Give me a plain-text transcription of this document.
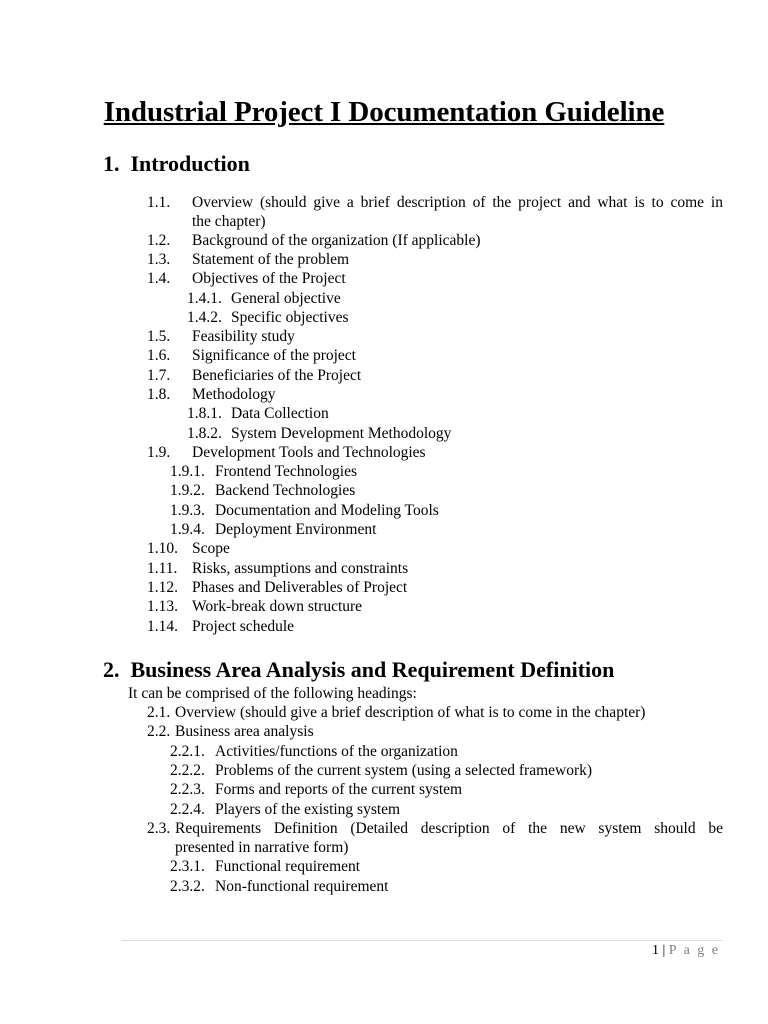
Industrial Project I Documentation Guideline
1. Introduction
1.1.	Overview (should give a brief description of the project and what is to come in
the chapter)
1.2. Background of the organization (If applicable)
1.3. Statement of the problem
1.4. Objectives of the Project
1.4.1. General objective
1.4.2. Specific objectives
1.5. Feasibility study
1.6. Significance of the project
1.7. Beneficiaries of the Project
1.8. Methodology
1.8.1. Data Collection
1.8.2. System Development Methodology
1.9. Development Tools and Technologies
1.9.1. Frontend Technologies
1.9.2. Backend Technologies
1.9.3. Documentation and Modeling Tools
1.9.4. Deployment Environment
1.10. Scope
1.11. Risks, assumptions and constraints
1.12. Phases and Deliverables of Project
1.13. Work-break down structure
1.14. Project schedule
2. Business Area Analysis and Requirement Definition
It can be comprised of the following headings:
2.1. Overview (should give a brief description of what is to come in the chapter)
2.2. Business area analysis
2.2.1. Activities/functions of the organization
2.2.2. Problems of the current system (using a selected framework)
2.2.3. Forms and reports of the current system
2.2.4. Players of the existing system
2.3. Requirements Definition (Detailed description of the new system should be
presented in narrative form)
2.3.1. Functional requirement
2.3.2. Non-functional requirement
1 | P a g e
